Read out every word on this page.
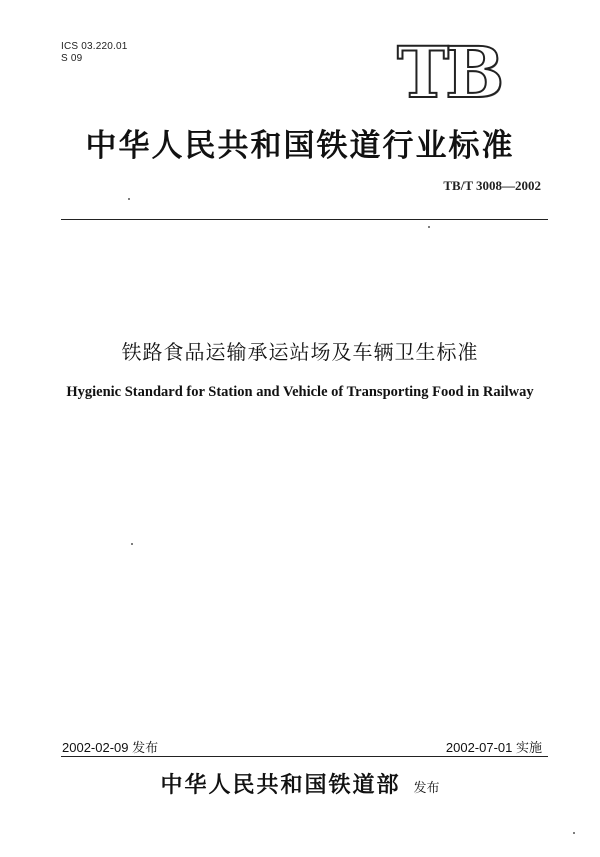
ICS 03.220.01
S 09	TB
中华人民共和国铁道行业标准
TB/T 3008—2002
铁路食品运输承运站场及车辆卫生标准
Hygienic Standard for Station and Vehicle of Transporting Food in Railway
2002-02-09 发布	2002-07-01 实施
中华人民共和国铁道部 发布
